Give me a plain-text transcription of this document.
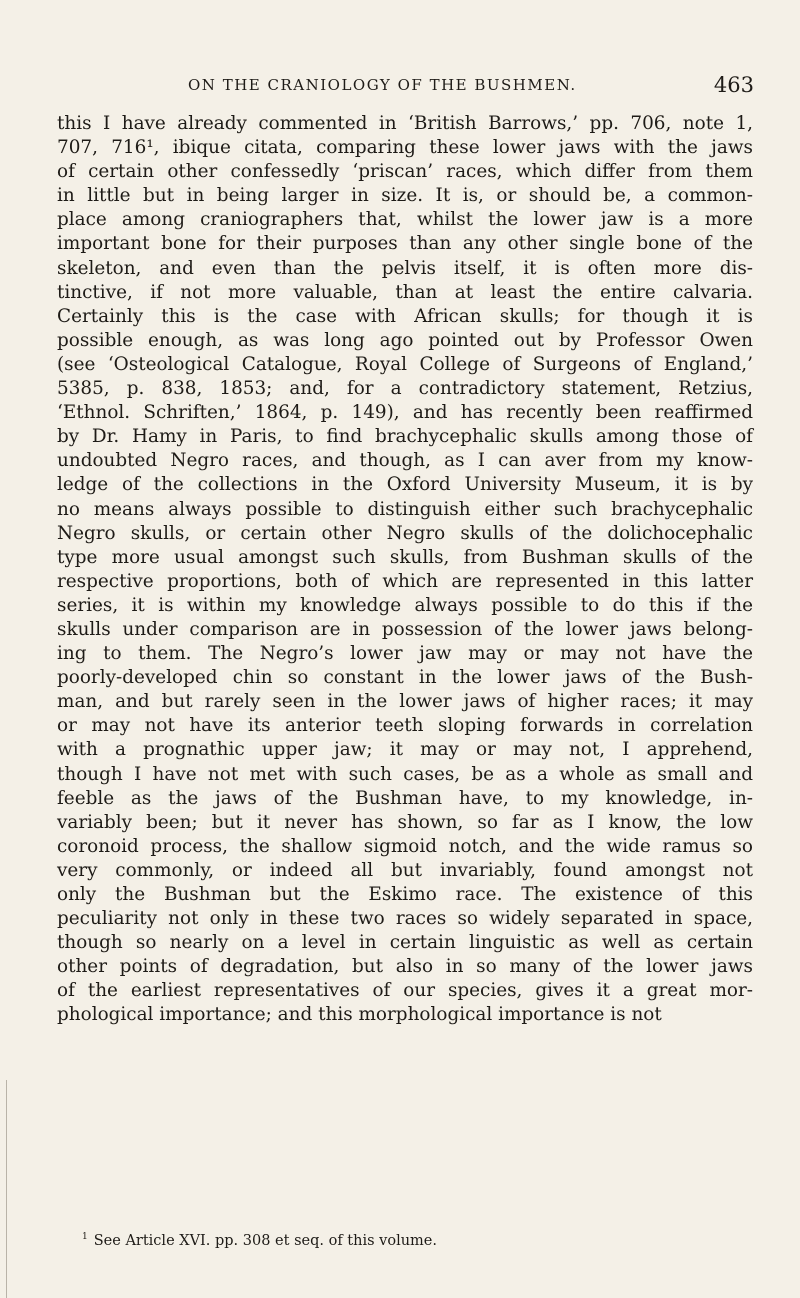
ON THE CRANIOLOGY OF THE BUSHMEN.	463
this I have already commented in ‘British Barrows,’ pp. 706, note 1,
707, 716¹, ibique citata, comparing these lower jaws with the jaws
of certain other confessedly ‘priscan’ races, which differ from them
in little but in being larger in size. It is, or should be, a common-
place among craniographers that, whilst the lower jaw is a more
important bone for their purposes than any other single bone of the
skeleton, and even than the pelvis itself, it is often more dis-
tinctive, if not more valuable, than at least the entire calvaria.
Certainly this is the case with African skulls; for though it is
possible enough, as was long ago pointed out by Professor Owen
(see ‘Osteological Catalogue, Royal College of Surgeons of England,’
5385, p. 838, 1853; and, for a contradictory statement, Retzius,
‘Ethnol. Schriften,’ 1864, p. 149), and has recently been reaffirmed
by Dr. Hamy in Paris, to find brachycephalic skulls among those of
undoubted Negro races, and though, as I can aver from my know-
ledge of the collections in the Oxford University Museum, it is by
no means always possible to distinguish either such brachycephalic
Negro skulls, or certain other Negro skulls of the dolichocephalic
type more usual amongst such skulls, from Bushman skulls of the
respective proportions, both of which are represented in this latter
series, it is within my knowledge always possible to do this if the
skulls under comparison are in possession of the lower jaws belong-
ing to them. The Negro’s lower jaw may or may not have the
poorly-developed chin so constant in the lower jaws of the Bush-
man, and but rarely seen in the lower jaws of higher races; it may
or may not have its anterior teeth sloping forwards in correlation
with a prognathic upper jaw; it may or may not, I apprehend,
though I have not met with such cases, be as a whole as small and
feeble as the jaws of the Bushman have, to my knowledge, in-
variably been; but it never has shown, so far as I know, the low
coronoid process, the shallow sigmoid notch, and the wide ramus so
very commonly, or indeed all but invariably, found amongst not
only the Bushman but the Eskimo race. The existence of this
peculiarity not only in these two races so widely separated in space,
though so nearly on a level in certain linguistic as well as certain
other points of degradation, but also in so many of the lower jaws
of the earliest representatives of our species, gives it a great mor-
phological importance; and this morphological importance is not
$^1$ See Article XVI. pp. 308 et seq. of this volume.
